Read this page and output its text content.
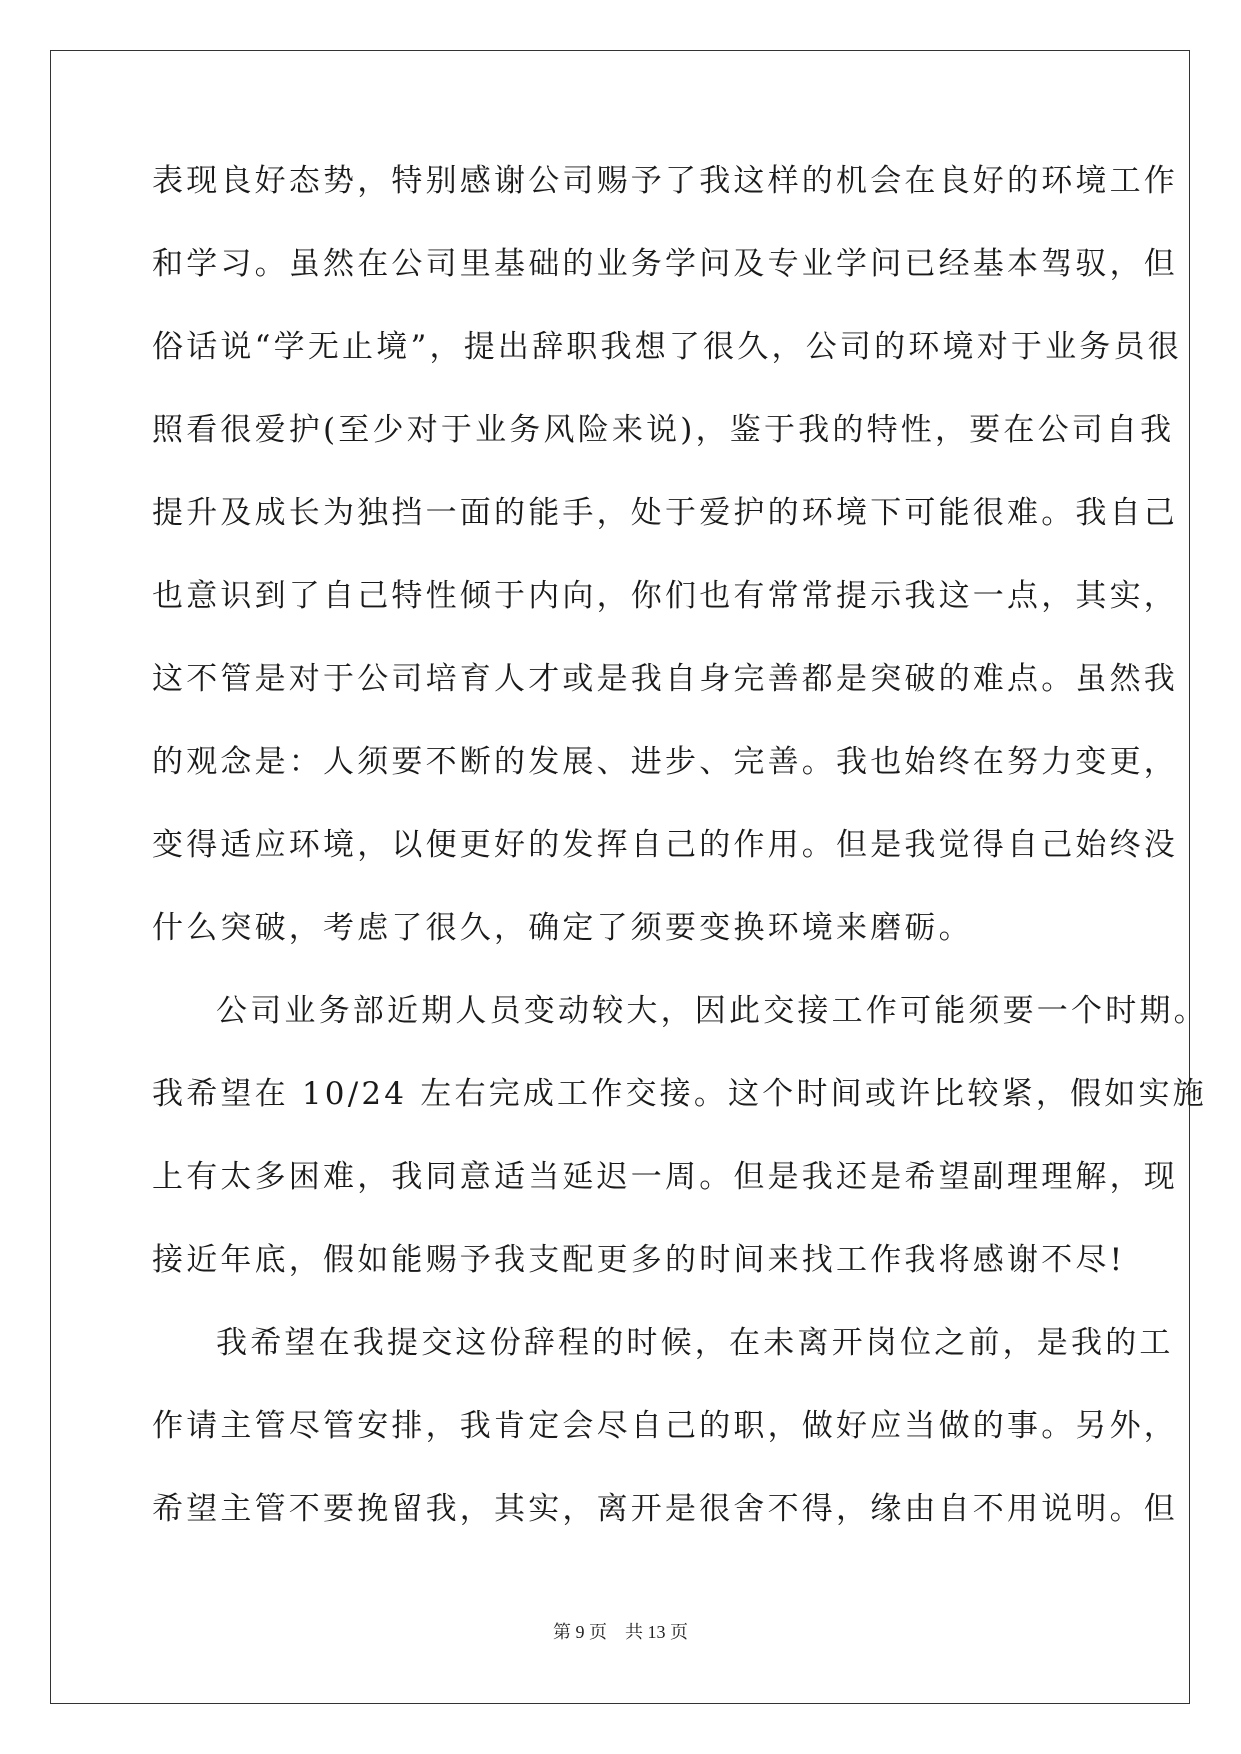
表现良好态势，特别感谢公司赐予了我这样的机会在良好的环境工作
和学习。虽然在公司里基础的业务学问及专业学问已经基本驾驭，但
俗话说“学无止境”，提出辞职我想了很久，公司的环境对于业务员很
照看很爱护(至少对于业务风险来说)，鉴于我的特性，要在公司自我
提升及成长为独挡一面的能手，处于爱护的环境下可能很难。我自己
也意识到了自己特性倾于内向，你们也有常常提示我这一点，其实，
这不管是对于公司培育人才或是我自身完善都是突破的难点。虽然我
的观念是：人须要不断的发展、进步、完善。我也始终在努力变更，
变得适应环境，以便更好的发挥自己的作用。但是我觉得自己始终没
什么突破，考虑了很久，确定了须要变换环境来磨砺。
公司业务部近期人员变动较大，因此交接工作可能须要一个时期。
我希望在 10/24 左右完成工作交接。这个时间或许比较紧，假如实施
上有太多困难，我同意适当延迟一周。但是我还是希望副理理解，现
接近年底，假如能赐予我支配更多的时间来找工作我将感谢不尽!
我希望在我提交这份辞程的时候，在未离开岗位之前，是我的工
作请主管尽管安排，我肯定会尽自己的职，做好应当做的事。另外，
希望主管不要挽留我，其实，离开是很舍不得，缘由自不用说明。但
第 9 页 共 13 页
